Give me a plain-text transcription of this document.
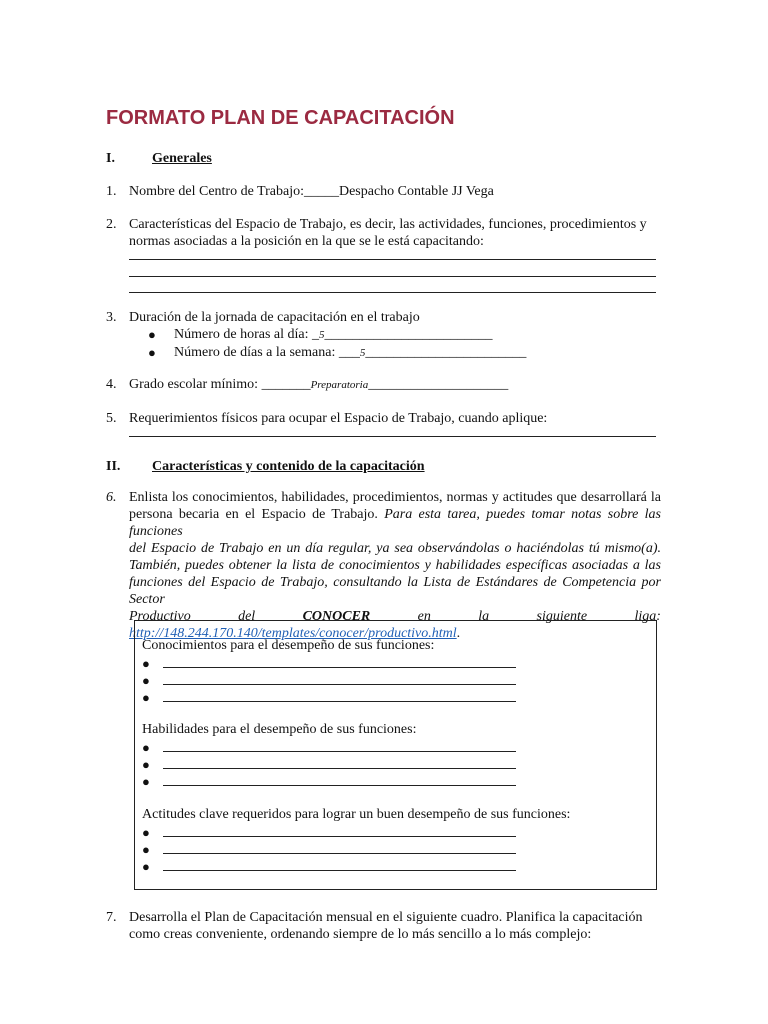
FORMATO PLAN DE CAPACITACIÓN
I.	Generales
1. Nombre del Centro de Trabajo:_____Despacho Contable JJ Vega
2. Características del Espacio de Trabajo, es decir, las actividades, funciones, procedimientos y
normas asociadas a la posición en la que se le está capacitando:
3. Duración de la jornada de capacitación en el trabajo
● Número de horas al día: _5________________________
● Número de días a la semana: ___5_______________________
4. Grado escolar mínimo: _______Preparatoria____________________
5. Requerimientos físicos para ocupar el Espacio de Trabajo, cuando aplique:
II. Características y contenido de la capacitación
6. Enlista los conocimientos, habilidades, procedimientos, normas y actitudes que desarrollará la
persona becaria en el Espacio de Trabajo. Para esta tarea, puedes tomar notas sobre las funciones
del Espacio de Trabajo en un día regular, ya sea observándolas o haciéndolas tú mismo(a).
También, puedes obtener la lista de conocimientos y habilidades específicas asociadas a las
funciones del Espacio de Trabajo, consultando la Lista de Estándares de Competencia por Sector
Productivo	del	CONOCER	en	la	siguiente	liga:
http://148.244.170.140/templates/conocer/productivo.html.
Conocimientos para el desempeño de sus funciones:
●
●
●
Habilidades para el desempeño de sus funciones:
●
●
●
Actitudes clave requeridos para lograr un buen desempeño de sus funciones:
●
●
●
7. Desarrolla el Plan de Capacitación mensual en el siguiente cuadro. Planifica la capacitación
como creas conveniente, ordenando siempre de lo más sencillo a lo más complejo:
